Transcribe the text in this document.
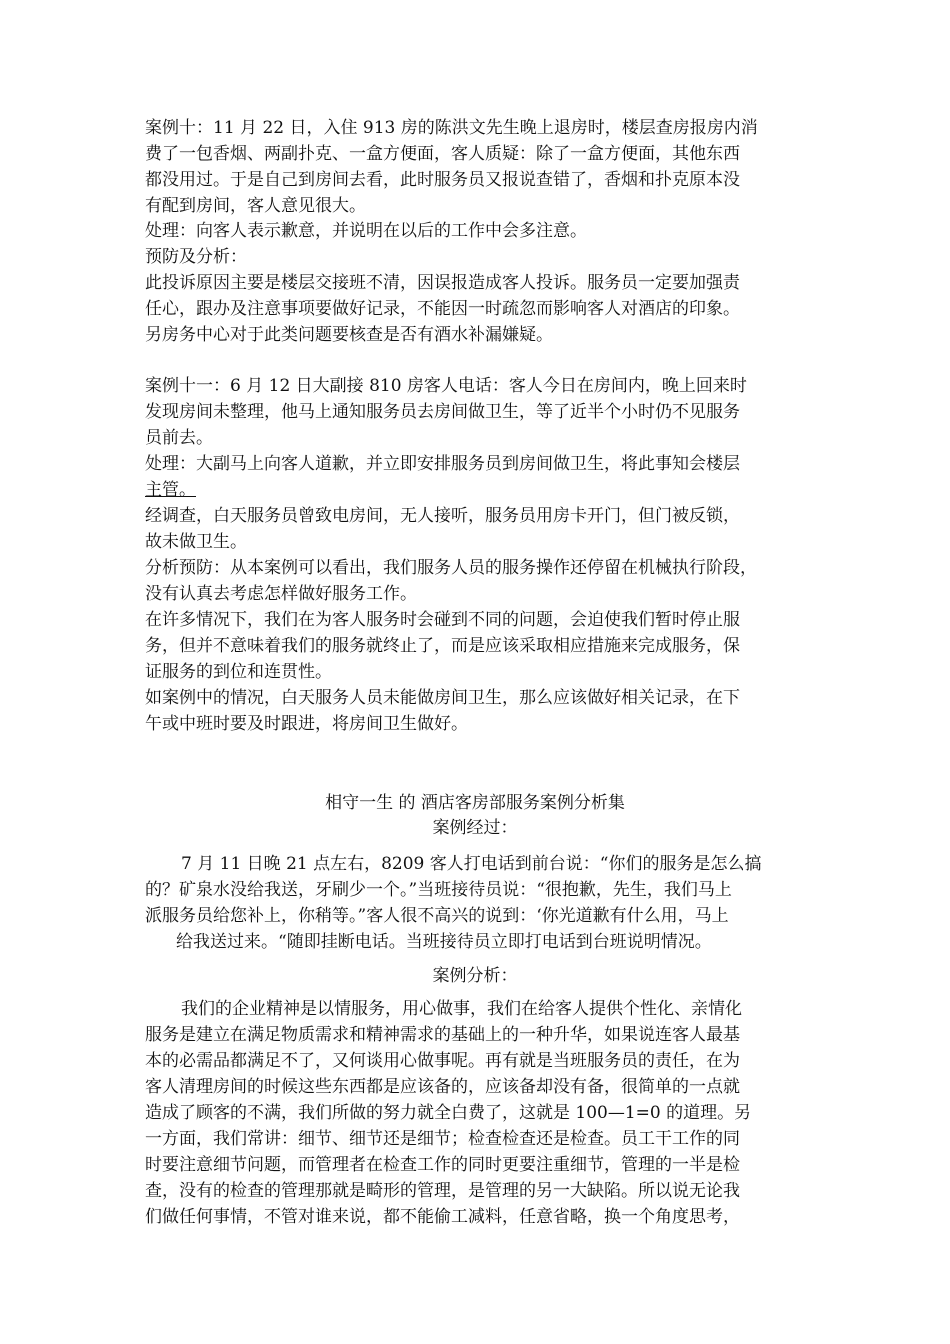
案例十：11 月 22 日，入住 913 房的陈洪文先生晚上退房时，楼层查房报房内消
费了一包香烟、两副扑克、一盒方便面，客人质疑：除了一盒方便面，其他东西
都没用过。于是自己到房间去看，此时服务员又报说查错了，香烟和扑克原本没
有配到房间，客人意见很大。
处理：向客人表示歉意，并说明在以后的工作中会多注意。
预防及分析：
此投诉原因主要是楼层交接班不清，因误报造成客人投诉。服务员一定要加强责
任心，跟办及注意事项要做好记录，不能因一时疏忽而影响客人对酒店的印象。
另房务中心对于此类问题要核查是否有酒水补漏嫌疑。
案例十一：6 月 12 日大副接 810 房客人电话：客人今日在房间内，晚上回来时
发现房间未整理，他马上通知服务员去房间做卫生，等了近半个小时仍不见服务
员前去。
处理：大副马上向客人道歉，并立即安排服务员到房间做卫生，将此事知会楼层
主管。
经调查，白天服务员曾致电房间，无人接听，服务员用房卡开门，但门被反锁，
故未做卫生。
分析预防：从本案例可以看出，我们服务人员的服务操作还停留在机械执行阶段，
没有认真去考虑怎样做好服务工作。
在许多情况下，我们在为客人服务时会碰到不同的问题，会迫使我们暂时停止服
务，但并不意味着我们的服务就终止了，而是应该采取相应措施来完成服务，保
证服务的到位和连贯性。
如案例中的情况，白天服务人员未能做房间卫生，那么应该做好相关记录，在下
午或中班时要及时跟进，将房间卫生做好。
相守一生 的 酒店客房部服务案例分析集
案例经过：
7 月 11 日晚 21 点左右，8209 客人打电话到前台说：“你们的服务是怎么搞
的？矿泉水没给我送，牙刷少一个。”当班接待员说：“很抱歉，先生，我们马上
派服务员给您补上，你稍等。”客人很不高兴的说到：‘你光道歉有什么用，马上
给我送过来。“随即挂断电话。当班接待员立即打电话到台班说明情况。
案例分析：
我们的企业精神是以情服务，用心做事，我们在给客人提供个性化、亲情化
服务是建立在满足物质需求和精神需求的基础上的一种升华，如果说连客人最基
本的必需品都满足不了，又何谈用心做事呢。再有就是当班服务员的责任，在为
客人清理房间的时候这些东西都是应该备的，应该备却没有备，很简单的一点就
造成了顾客的不满，我们所做的努力就全白费了，这就是 100—1=0 的道理。另
一方面，我们常讲：细节、细节还是细节；检查检查还是检查。员工干工作的同
时要注意细节问题，而管理者在检查工作的同时更要注重细节，管理的一半是检
查，没有的检查的管理那就是畸形的管理，是管理的另一大缺陷。所以说无论我
们做任何事情，不管对谁来说，都不能偷工减料，任意省略，换一个角度思考，
